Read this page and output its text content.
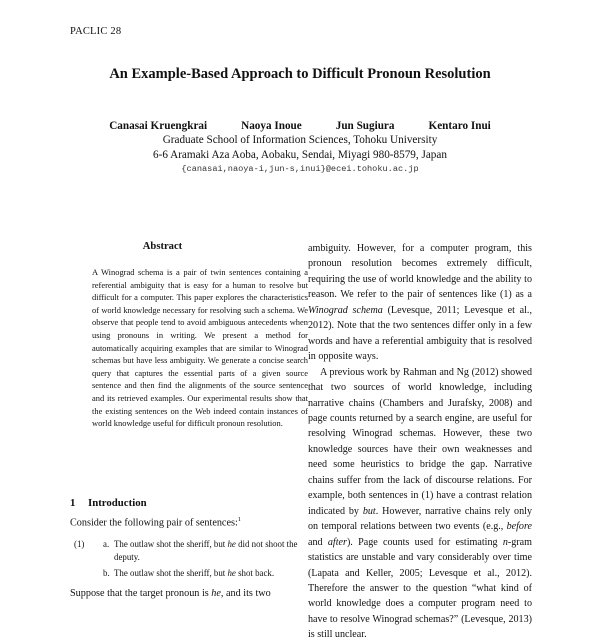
PACLIC 28
An Example-Based Approach to Difficult Pronoun Resolution
Canasai Kruengkrai	Naoya Inoue	Jun Sugiura	Kentaro Inui
Graduate School of Information Sciences, Tohoku University
6-6 Aramaki Aza Aoba, Aobaku, Sendai, Miyagi 980-8579, Japan
{canasai,naoya-i,jun-s,inui}@ecei.tohoku.ac.jp
Abstract
A Winograd schema is a pair of twin sentences containing a referential ambiguity that is easy for a human to resolve but difficult for a computer. This paper explores the characteristics of world knowledge necessary for resolving such a schema. We observe that people tend to avoid ambiguous antecedents when using pronouns in writing. We present a method for automatically acquiring examples that are similar to Winograd schemas but have less ambiguity. We generate a concise search query that captures the essential parts of a given source sentence and then find the alignments of the source sentence and its retrieved examples. Our experimental results show that the existing sentences on the Web indeed contain instances of world knowledge useful for difficult pronoun resolution.
1 Introduction
Consider the following pair of sentences:$^1$
(1)	a. The outlaw shot the sheriff, but he did not shoot the deputy.
b. The outlaw shot the sheriff, but he shot back.
Suppose that the target pronoun is he, and its two

ambiguity. However, for a computer program, this pronoun resolution becomes extremely difficult, requiring the use of world knowledge and the ability to reason. We refer to the pair of sentences like (1) as a Winograd schema (Levesque, 2011; Levesque et al., 2012). Note that the two sentences differ only in a few words and have a referential ambiguity that is resolved in opposite ways.

A previous work by Rahman and Ng (2012) showed that two sources of world knowledge, including narrative chains (Chambers and Jurafsky, 2008) and page counts returned by a search engine, are useful for resolving Winograd schemas. However, these two knowledge sources have their own weaknesses and need some heuristics to bridge the gap. Narrative chains suffer from the lack of discourse relations. For example, both sentences in (1) have a contrast relation indicated by but. However, narrative chains rely only on temporal relations between two events (e.g., before and after). Page counts used for estimating n-gram statistics are unstable and vary considerably over time (Lapata and Keller, 2005; Levesque et al., 2012). Therefore the answer to the question “what kind of world knowledge does a computer program need to have to resolve Winograd schemas?” (Levesque, 2013) is still unclear.
